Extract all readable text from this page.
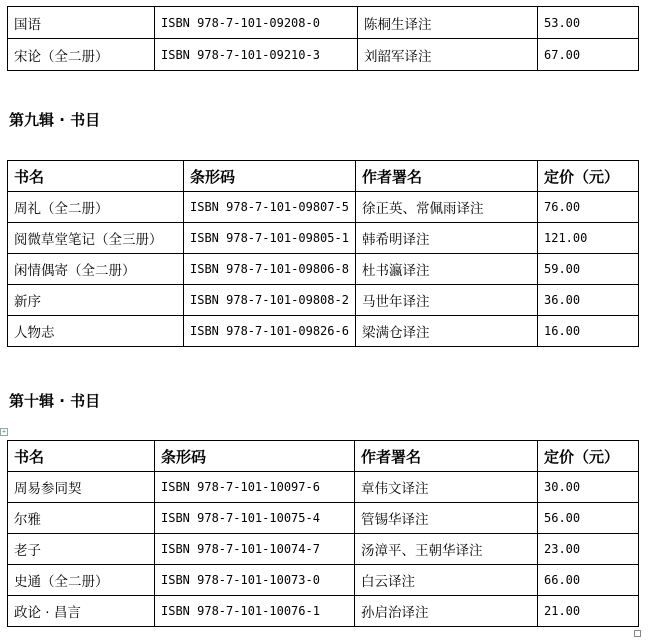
国语	ISBN 978-7-101-09208-0	陈桐生译注	53.00
宋论（全二册）	ISBN 978-7-101-09210-3	刘韶军译注	67.00
第九辑 · 书目
书名	条形码	作者署名	定价（元）
周礼（全二册）	ISBN 978-7-101-09807-5	徐正英、常佩雨译注	76.00
阅微草堂笔记（全三册）	ISBN 978-7-101-09805-1	韩希明译注	121.00
闲情偶寄（全二册）	ISBN 978-7-101-09806-8	杜书瀛译注	59.00
新序	ISBN 978-7-101-09808-2	马世年译注	36.00
人物志	ISBN 978-7-101-09826-6	梁满仓译注	16.00
第十辑 · 书目
+
书名	条形码	作者署名	定价（元）
周易参同契	ISBN 978-7-101-10097-6	章伟文译注	30.00
尔雅	ISBN 978-7-101-10075-4	管锡华译注	56.00
老子	ISBN 978-7-101-10074-7	汤漳平、王朝华译注	23.00
史通（全二册）	ISBN 978-7-101-10073-0	白云译注	66.00
政论 · 昌言	ISBN 978-7-101-10076-1	孙启治译注	21.00
